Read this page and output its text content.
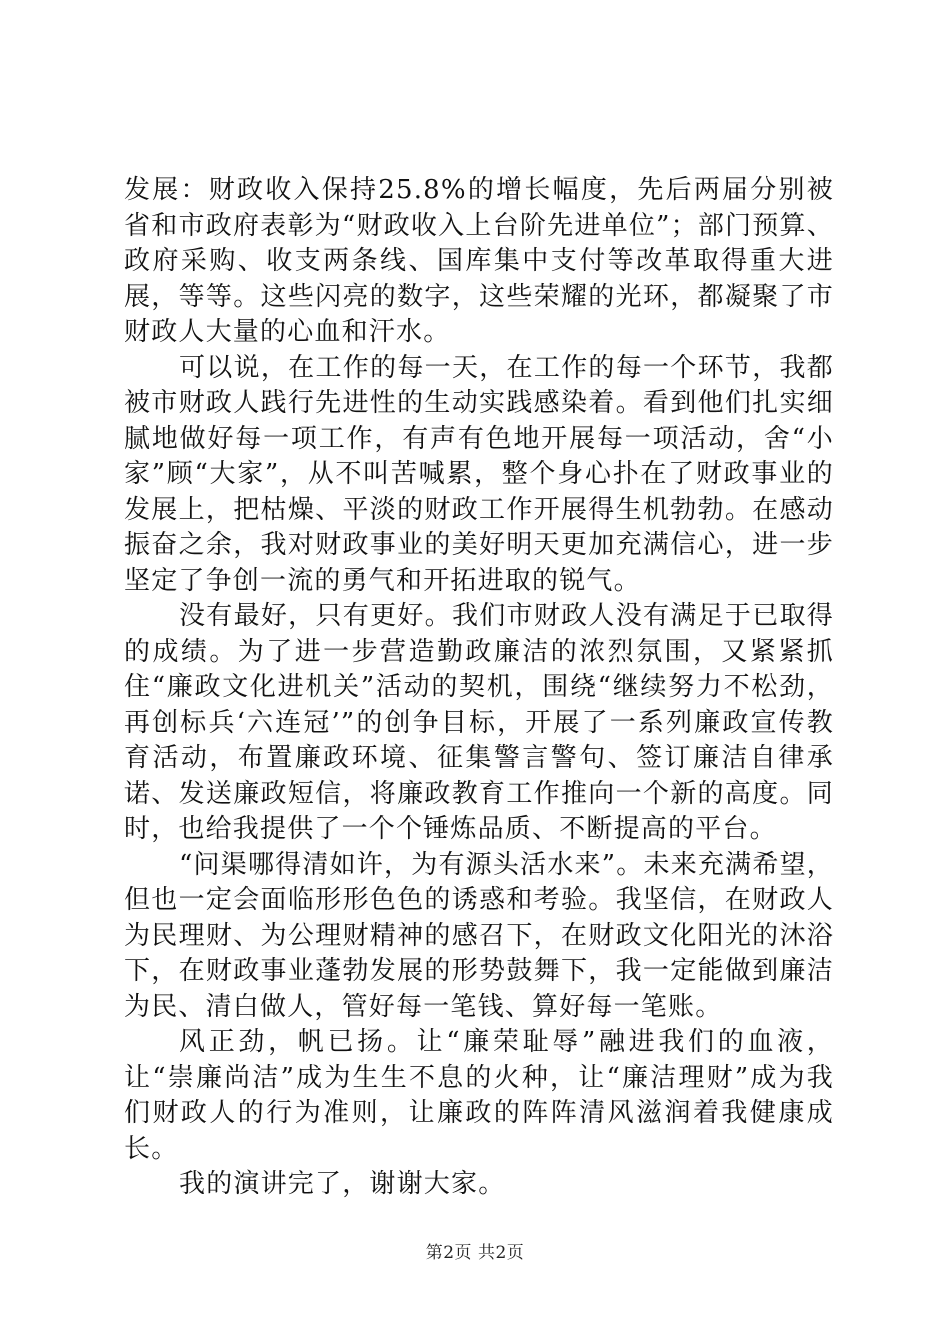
发展：财政收入保持25.8%的增长幅度，先后两届分别被省和市政府表彰为“财政收入上台阶先进单位”；部门预算、政府采购、收支两条线、国库集中支付等改革取得重大进展，等等。这些闪亮的数字，这些荣耀的光环，都凝聚了市财政人大量的心血和汗水。

可以说，在工作的每一天，在工作的每一个环节，我都被市财政人践行先进性的生动实践感染着。看到他们扎实细腻地做好每一项工作，有声有色地开展每一项活动，舍“小家”顾“大家”，从不叫苦喊累，整个身心扑在了财政事业的发展上，把枯燥、平淡的财政工作开展得生机勃勃。在感动振奋之余，我对财政事业的美好明天更加充满信心，进一步坚定了争创一流的勇气和开拓进取的锐气。

没有最好，只有更好。我们市财政人没有满足于已取得的成绩。为了进一步营造勤政廉洁的浓烈氛围，又紧紧抓住“廉政文化进机关”活动的契机，围绕“继续努力不松劲，再创标兵‘六连冠’”的创争目标，开展了一系列廉政宣传教育活动，布置廉政环境、征集警言警句、签订廉洁自律承诺、发送廉政短信，将廉政教育工作推向一个新的高度。同时，也给我提供了一个个锤炼品质、不断提高的平台。

“问渠哪得清如许，为有源头活水来”。未来充满希望，但也一定会面临形形色色的诱惑和考验。我坚信，在财政人为民理财、为公理财精神的感召下，在财政文化阳光的沐浴下，在财政事业蓬勃发展的形势鼓舞下，我一定能做到廉洁为民、清白做人，管好每一笔钱、算好每一笔账。

风正劲，帆已扬。让“廉荣耻辱”融进我们的血液，让“崇廉尚洁”成为生生不息的火种，让“廉洁理财”成为我们财政人的行为准则，让廉政的阵阵清风滋润着我健康成长。

我的演讲完了，谢谢大家。

第2页 共2页
